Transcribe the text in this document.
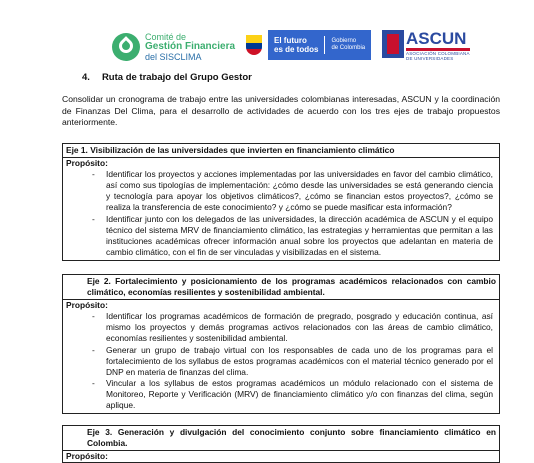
Comité de
Gestión Financiera
del SISCLIMA
El futuro
es de todos
Gobierno
de Colombia ASCUN
ASOCIACIÓN COLOMBIANA
DE UNIVERSIDADES
4. Ruta de trabajo del Grupo Gestor
Consolidar un cronograma de trabajo entre las universidades colombianas interesadas, ASCUN y la coordinación de Finanzas Del Clima, para el desarrollo de actividades de acuerdo con los tres ejes de trabajo propuestos anteriormente.
Eje 1. Visibilización de las universidades que invierten en financiamiento climático
Propósito:
- Identificar los proyectos y acciones implementadas por las universidades en favor del cambio climático, así como sus tipologías de implementación: ¿cómo desde las universidades se está generando ciencia y tecnología para apoyar los objetivos climáticos?, ¿cómo se financian estos proyectos?, ¿cómo se realiza la transferencia de este conocimiento? y ¿cómo se puede masificar esta información?
- Identificar junto con los delegados de las universidades, la dirección académica de ASCUN y el equipo técnico del sistema MRV de financiamiento climático, las estrategias y herramientas que permitan a las instituciones académicas ofrecer información anual sobre los proyectos que adelantan en materia de cambio climático, con el fin de ser vinculadas y visibilizadas en el sistema.
Eje 2. Fortalecimiento y posicionamiento de los programas académicos relacionados con cambio climático, economías resilientes y sostenibilidad ambiental.
Propósito:
- Identificar los programas académicos de formación de pregrado, posgrado y educación continua, así mismo los proyectos y demás programas activos relacionados con las áreas de cambio climático, economías resilientes y sostenibilidad ambiental.
- Generar un grupo de trabajo virtual con los responsables de cada uno de los programas para el fortalecimiento de los syllabus de estos programas académicos con el material técnico generado por el DNP en materia de finanzas del clima.
- Vincular a los syllabus de estos programas académicos un módulo relacionado con el sistema de Monitoreo, Reporte y Verificación (MRV) de financiamiento climático y/o con finanzas del clima, según aplique.
Eje 3. Generación y divulgación del conocimiento conjunto sobre financiamiento climático en Colombia.
Propósito:
